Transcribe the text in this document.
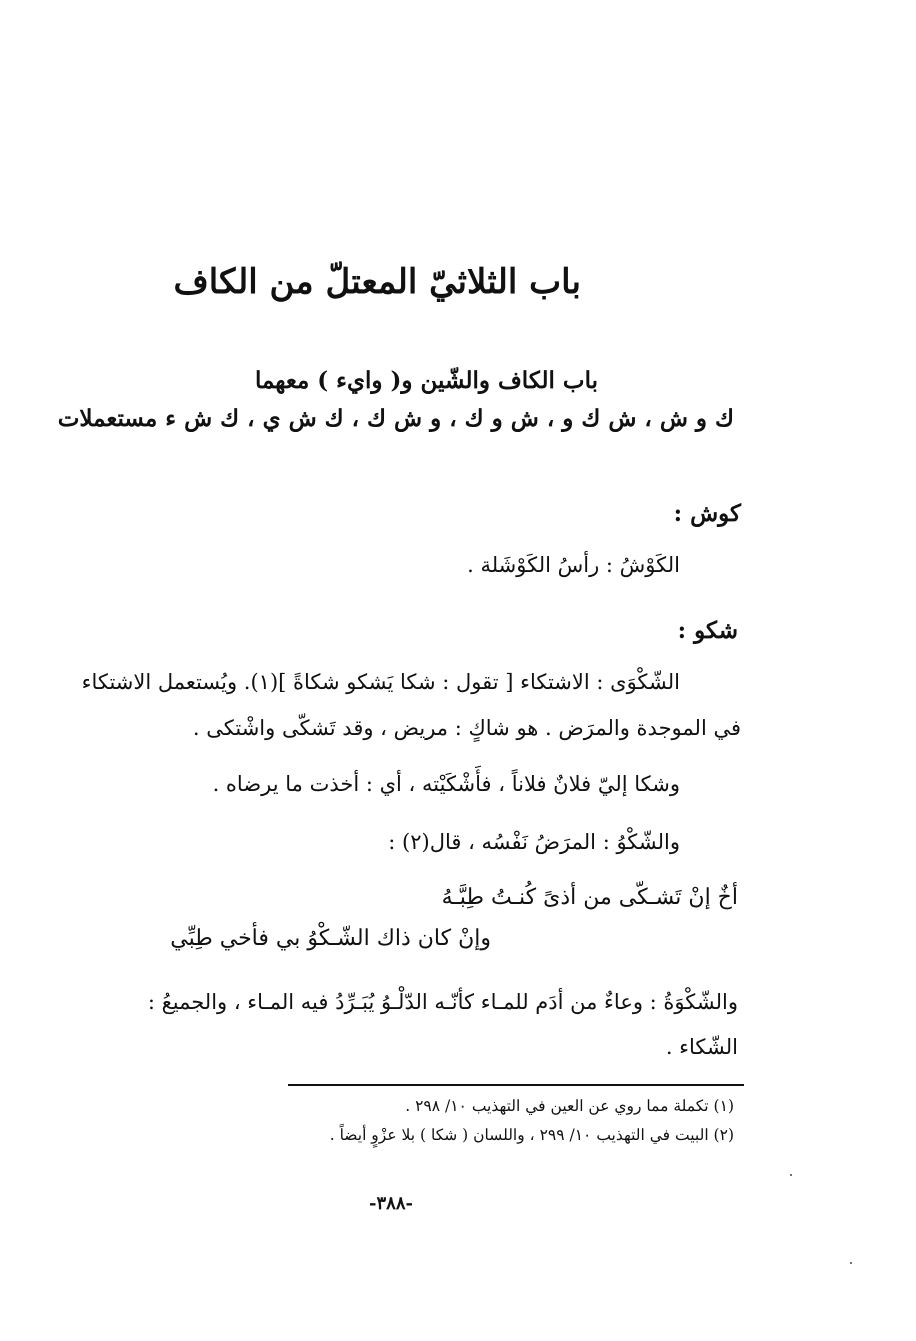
باب الثلاثيّ المعتلّ من الكاف
باب الكاف والشّين و( وايء ) معهما
ك و ش ، ش ك و ، ش و ك ، و ش ك ، ك ش ي ، ك ش ء مستعملات
كوش :
الكَوْشُ : رأسُ الكَوْشَلة .
شكو :
الشّكْوَى : الاشتكاء [ تقول : شكا يَشكو شكاةً ](١). ويُستعمل الاشتكاء
في الموجدة والمرَض . هو شاكٍ : مريض ، وقد تَشكّى واشْتكى .
وشكا إليّ فلانٌ فلاناً ، فأَشْكَيْته ، أي : أخذت ما يرضاه .
والشّكْوُ : المرَضُ نَفْسُه ، قال(٢) :
أخٌ إنْ تَشـكّى من أذىً كُنـتُ طِبَّـهُ
وإنْ كان ذاك الشّـكْوُ بي فأخي طِبِّي
والشّكْوَةُ : وعاءٌ من أدَم للمـاء كأنّـه الدّلْـوُ يُبَـرِّدُ فيه المـاء ، والجميعُ :
الشّكاء .
(١) تكملة مما روي عن العين في التهذيب ١٠/ ٢٩٨ .
(٢) البيت في التهذيب ١٠/ ٢٩٩ ، واللسان ( شكا ) بلا عزْوٍ أيضاً .
-٣٨٨-
